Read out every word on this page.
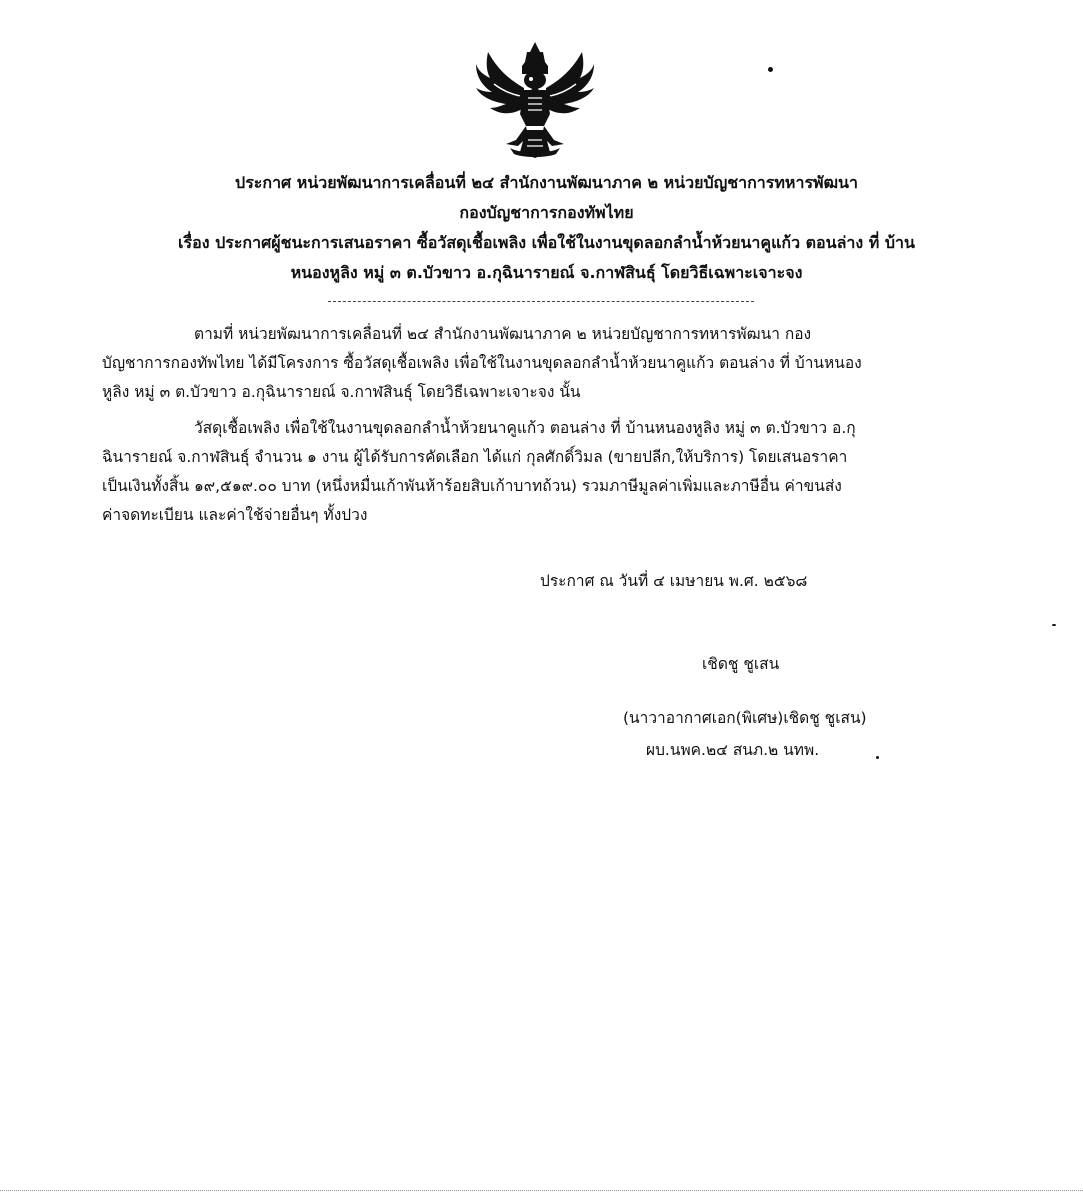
ประกาศ หน่วยพัฒนาการเคลื่อนที่ ๒๔ สำนักงานพัฒนาภาค ๒ หน่วยบัญชาการทหารพัฒนา
กองบัญชาการกองทัพไทย
เรื่อง ประกาศผู้ชนะการเสนอราคา ซื้อวัสดุเชื้อเพลิง เพื่อใช้ในงานขุดลอกลำน้ำห้วยนาคูแก้ว ตอนล่าง ที่ บ้าน
หนองหูลิง หมู่ ๓ ต.บัวขาว อ.กุฉินารายณ์ จ.กาฬสินธุ์ โดยวิธีเฉพาะเจาะจง
ตามที่ หน่วยพัฒนาการเคลื่อนที่ ๒๔ สำนักงานพัฒนาภาค ๒ หน่วยบัญชาการทหารพัฒนา กอง
บัญชาการกองทัพไทย ได้มีโครงการ ซื้อวัสดุเชื้อเพลิง เพื่อใช้ในงานขุดลอกลำน้ำห้วยนาคูแก้ว ตอนล่าง ที่ บ้านหนอง
หูลิง หมู่ ๓ ต.บัวขาว อ.กุฉินารายณ์ จ.กาฬสินธุ์ โดยวิธีเฉพาะเจาะจง นั้น
วัสดุเชื้อเพลิง เพื่อใช้ในงานขุดลอกลำน้ำห้วยนาคูแก้ว ตอนล่าง ที่ บ้านหนองหูลิง หมู่ ๓ ต.บัวขาว อ.กุ
ฉินารายณ์ จ.กาฬสินธุ์ จำนวน ๑ งาน ผู้ได้รับการคัดเลือก ได้แก่ กุลศักดิ์วิมล (ขายปลีก,ให้บริการ) โดยเสนอราคา
เป็นเงินทั้งสิ้น ๑๙,๕๑๙.๐๐ บาท (หนึ่งหมื่นเก้าพันห้าร้อยสิบเก้าบาทถ้วน) รวมภาษีมูลค่าเพิ่มและภาษีอื่น ค่าขนส่ง
ค่าจดทะเบียน และค่าใช้จ่ายอื่นๆ ทั้งปวง
ประกาศ ณ วันที่ ๔ เมษายน พ.ศ. ๒๕๖๘
เชิดชู ชูเสน
(นาวาอากาศเอก(พิเศษ)เชิดชู ชูเสน)
ผบ.นพค.๒๔ สนภ.๒ นทพ.
